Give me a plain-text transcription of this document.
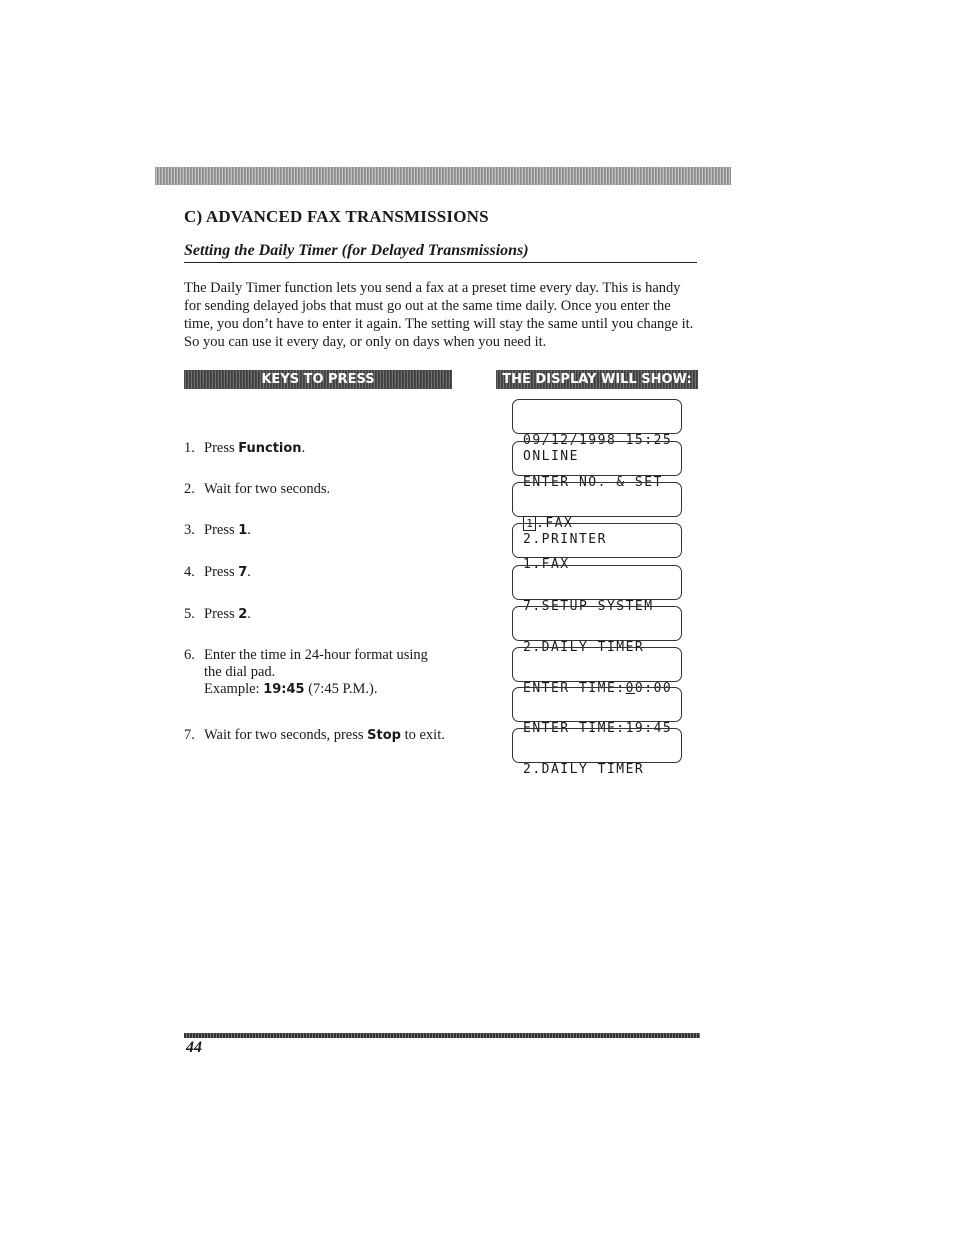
C) ADVANCED FAX TRANSMISSIONS
Setting the Daily Timer (for Delayed Transmissions)

The Daily Timer function lets you send a fax at a preset time every day. This is handy for sending delayed jobs that must go out at the same time daily. Once you enter the time, you don’t have to enter it again. The setting will stay the same until you change it. So you can use it every day, or only on days when you need it.

KEYS TO PRESS	THE DISPLAY WILL SHOW:
1. Press Function.
2. Wait for two seconds.
3. Press 1.
4. Press 7.
5. Press 2.
6. Enter the time in 24-hour format using
the dial pad.
Example: 19:45 (7:45 P.M.).
7. Wait for two seconds, press Stop to exit.

09/12/1998 15:25
ONLINE

ENTER NO. & SET

1 .FAX
2.PRINTER

1.FAX

7.SETUP SYSTEM

2.DAILY TIMER

ENTER TIME:00:00

ENTER TIME:19:45

2.DAILY TIMER

44
